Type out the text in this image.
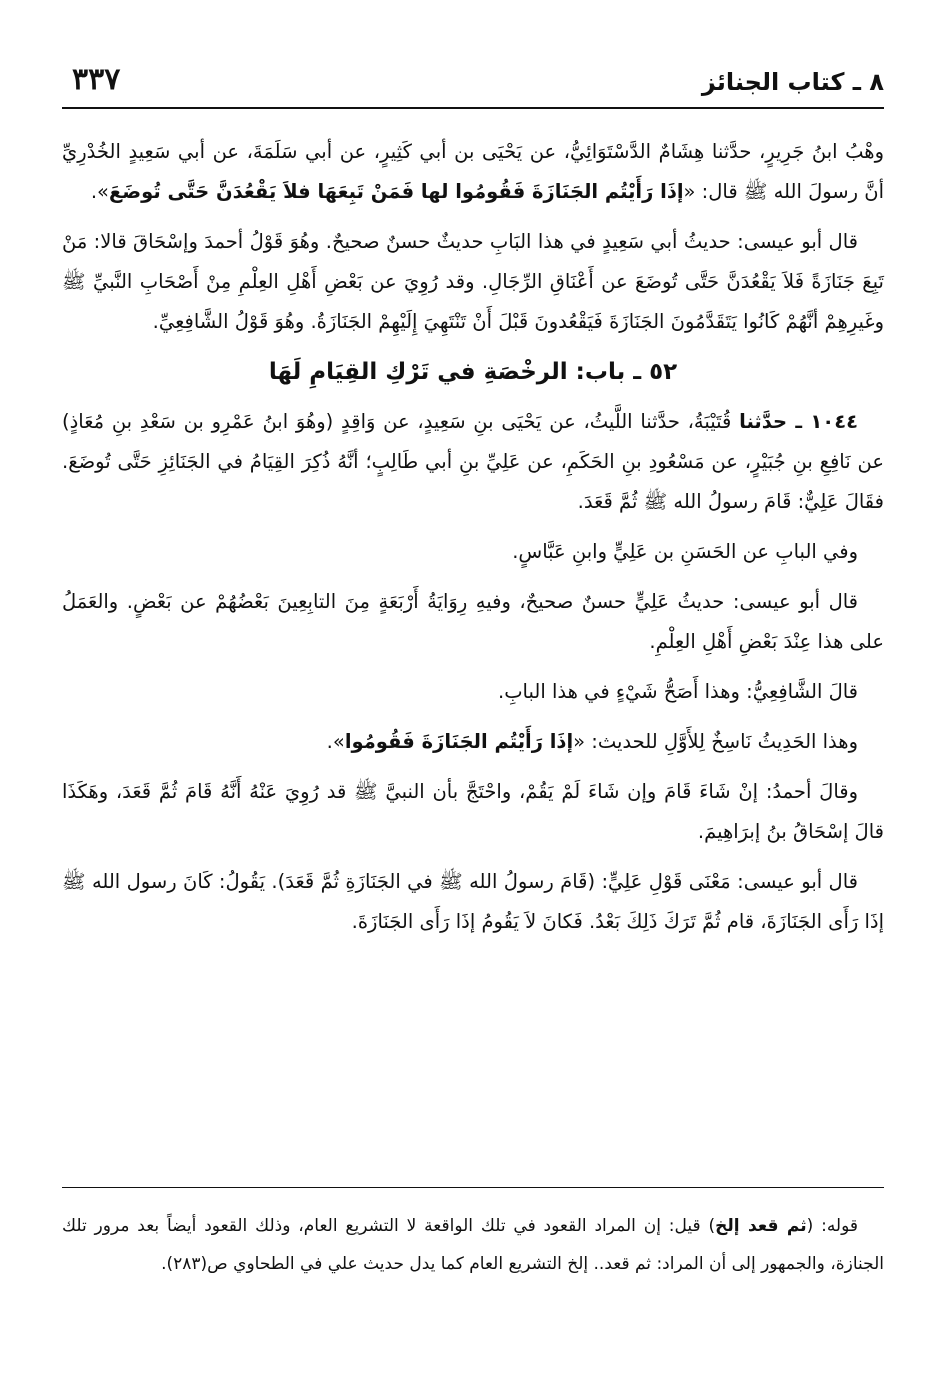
٣٣٧	٨ ـ كتاب الجنائز

وهْبُ ابنُ جَرِيرٍ، حدَّثنا هِشَامٌ الدَّسْتَوَائِيُّ، عن يَحْيَى بن أبي كَثِيرٍ، عن أبي سَلَمَةَ، عن أبي سَعِيدٍ الخُدْرِيِّ أنَّ رسولَ الله ﷺ قال: «إذَا رَأَيْتُم الجَنَازَةَ فَقُومُوا لها فَمَنْ تَبِعَهَا فلاَ يَقْعُدَنَّ حَتَّى تُوضَعَ».

قال أبو عيسى: حديثُ أبي سَعِيدٍ في هذا البَابِ حديثٌ حسنٌ صحيحٌ. وهُوَ قَوْلُ أحمدَ وإسْحَاقَ قالا: مَنْ تَبِعَ جَنَازَةً فَلاَ يَقْعُدَنَّ حَتَّى تُوضَعَ عن أَعْنَاقِ الرِّجَالِ. وقد رُوِيَ عن بَعْضِ أَهْلِ العِلْمِ مِنْ أَصْحَابِ النَّبيِّ ﷺ وغَيرِهِمْ أنَّهُمْ كَانُوا يَتَقَدَّمُونَ الجَنَازَةَ فَيَقْعُدونَ قَبْلَ أَنْ تَنْتَهِيَ إِلَيْهِمْ الجَنَازَةُ. وهُوَ قَوْلُ الشَّافِعِيِّ.

٥٢ ـ باب: الرخْصَةِ في تَرْكِ القِيَامِ لَهَا

١٠٤٤ ـ حدَّثنا قُتَيْبَةُ، حدَّثنا اللَّيثُ، عن يَحْيَى بنِ سَعِيدٍ، عن وَاقِدٍ (وهُوَ ابنُ عَمْرِو بن سَعْدِ بنِ مُعَاذٍ) عن نَافِعِ بنِ جُبَيْرٍ، عن مَسْعُودِ بنِ الحَكَمِ، عن عَلِيِّ بنِ أبي طَالِبٍ؛ أنَّهُ ذُكِرَ القِيَامُ في الجَنَائِزِ حَتَّى تُوضَعَ. فقَالَ عَلِيٌّ: قَامَ رسولُ الله ﷺ ثُمَّ قَعَدَ.

وفي البابِ عن الحَسَنِ بن عَلِيٍّ وابنِ عَبَّاسٍ.

قال أبو عيسى: حديثُ عَلِيٍّ حسنٌ صحيحٌ، وفيهِ رِوَايَةُ أَرْبَعَةٍ مِنَ التابِعِينَ بَعْضُهُمْ عن بَعْضٍ. والعَمَلُ على هذا عِنْدَ بَعْضِ أَهْلِ العِلْمِ.

قالَ الشَّافِعِيُّ: وهذا أَصَحُّ شَيْءٍ في هذا البابِ.

وهذا الحَدِيثُ نَاسِخٌ لِلأَوَّلِ للحديث: «إذَا رَأَيْتُم الجَنَازَةَ فَقُومُوا».

وقالَ أحمدُ: إنْ شَاءَ قَامَ وإن شَاءَ لَمْ يَقُمْ، واحْتَجَّ بأن النبيَّ ﷺ قد رُوِيَ عَنْهُ أَنَّهُ قَامَ ثُمَّ قَعَدَ، وهَكَذَا قالَ إسْحَاقُ بنُ إبرَاهِيمَ.

قال أبو عيسى: مَعْنَى قَوْلِ عَلِيٍّ: (قَامَ رسولُ الله ﷺ في الجَنَازَةِ ثُمَّ قَعَدَ). يَقُولُ: كَانَ رسول الله ﷺ إذَا رَأَى الجَنَازَةَ، قام ثُمَّ تَرَكَ ذَلِكَ بَعْدُ. فَكانَ لاَ يَقُومُ إذَا رَأَى الجَنَازَةَ.

قوله: (ثم قعد إلخ) قيل: إن المراد القعود في تلك الواقعة لا التشريع العام، وذلك القعود أيضاً بعد مرور تلك الجنازة، والجمهور إلى أن المراد: ثم قعد.. إلخ التشريع العام كما يدل حديث علي في الطحاوي ص(٢٨٣).
